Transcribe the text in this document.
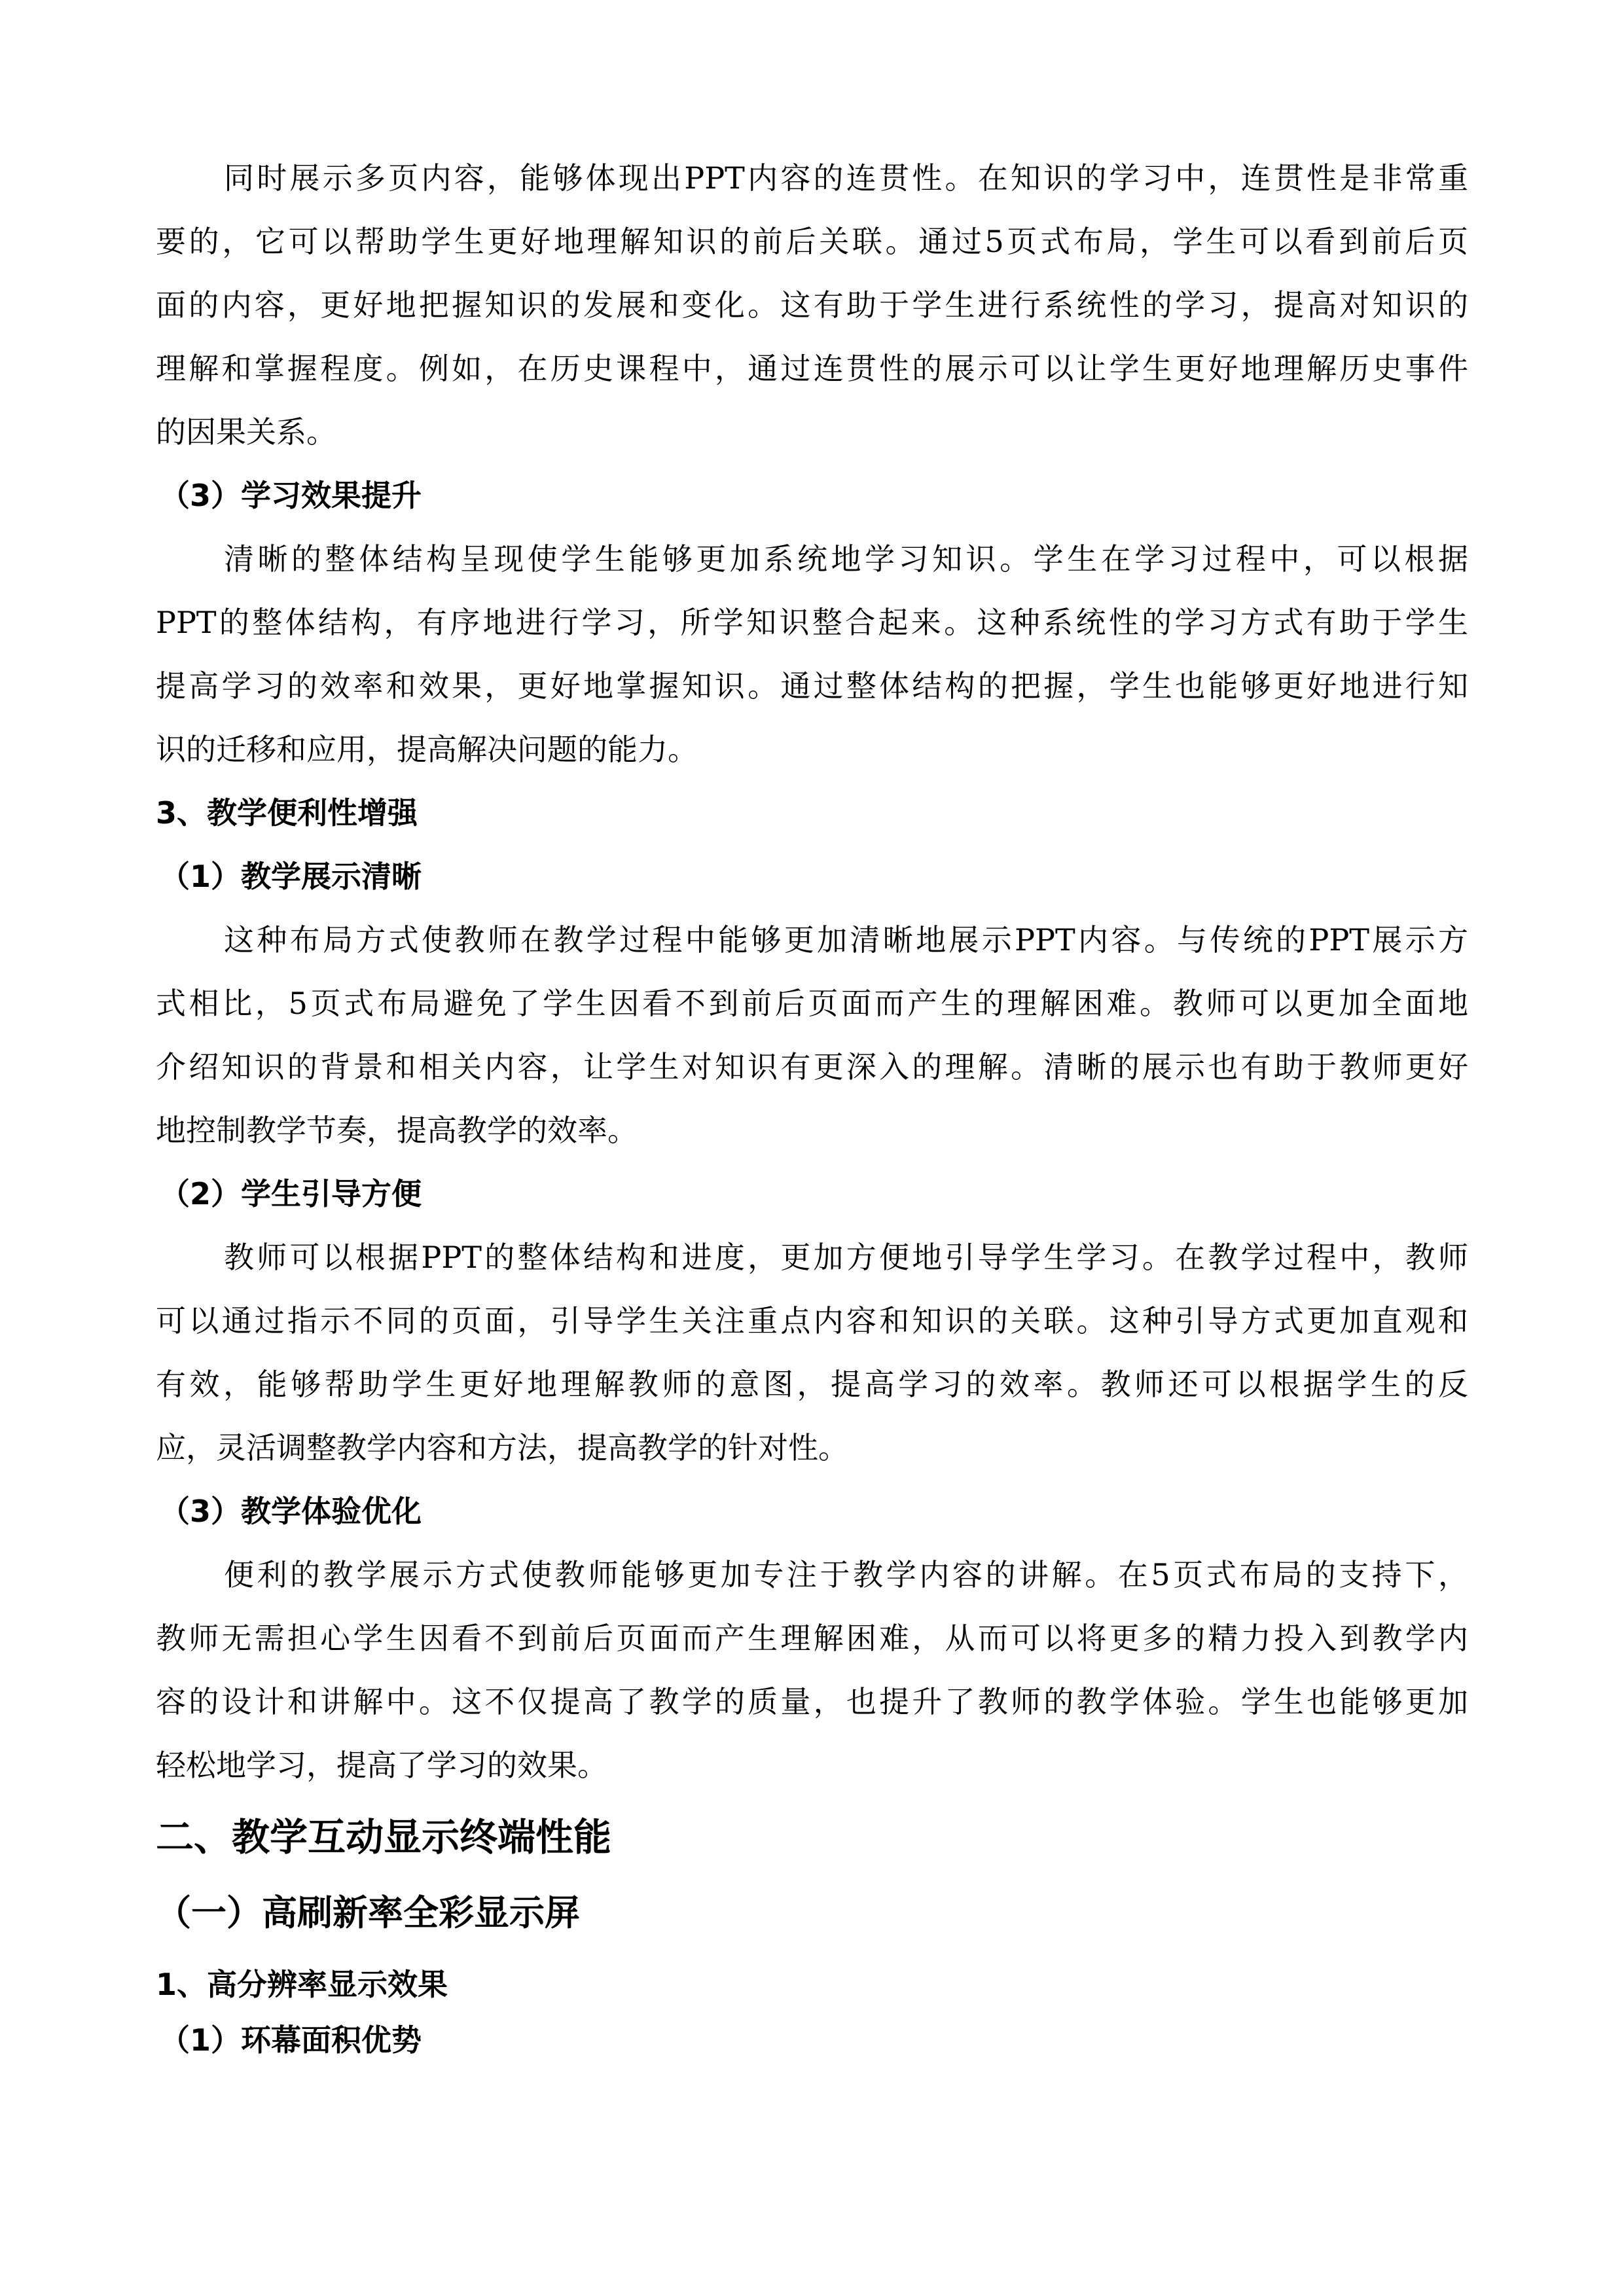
同时展示多页内容，能够体现出PPT内容的连贯性。在知识的学习中，连贯性是非常重
要的，它可以帮助学生更好地理解知识的前后关联。通过5页式布局，学生可以看到前后页
面的内容，更好地把握知识的发展和变化。这有助于学生进行系统性的学习，提高对知识的
理解和掌握程度。例如，在历史课程中，通过连贯性的展示可以让学生更好地理解历史事件
的因果关系。
（3）学习效果提升
清晰的整体结构呈现使学生能够更加系统地学习知识。学生在学习过程中，可以根据
PPT的整体结构，有序地进行学习，所学知识整合起来。这种系统性的学习方式有助于学生
提高学习的效率和效果，更好地掌握知识。通过整体结构的把握，学生也能够更好地进行知
识的迁移和应用，提高解决问题的能力。
3、教学便利性增强
（1）教学展示清晰
这种布局方式使教师在教学过程中能够更加清晰地展示PPT内容。与传统的PPT展示方
式相比，5页式布局避免了学生因看不到前后页面而产生的理解困难。教师可以更加全面地
介绍知识的背景和相关内容，让学生对知识有更深入的理解。清晰的展示也有助于教师更好
地控制教学节奏，提高教学的效率。
（2）学生引导方便
教师可以根据PPT的整体结构和进度，更加方便地引导学生学习。在教学过程中，教师
可以通过指示不同的页面，引导学生关注重点内容和知识的关联。这种引导方式更加直观和
有效，能够帮助学生更好地理解教师的意图，提高学习的效率。教师还可以根据学生的反
应，灵活调整教学内容和方法，提高教学的针对性。
（3）教学体验优化
便利的教学展示方式使教师能够更加专注于教学内容的讲解。在5页式布局的支持下，
教师无需担心学生因看不到前后页面而产生理解困难，从而可以将更多的精力投入到教学内
容的设计和讲解中。这不仅提高了教学的质量，也提升了教师的教学体验。学生也能够更加
轻松地学习，提高了学习的效果。
二、教学互动显示终端性能
（一）高刷新率全彩显示屏
1、高分辨率显示效果
（1）环幕面积优势
